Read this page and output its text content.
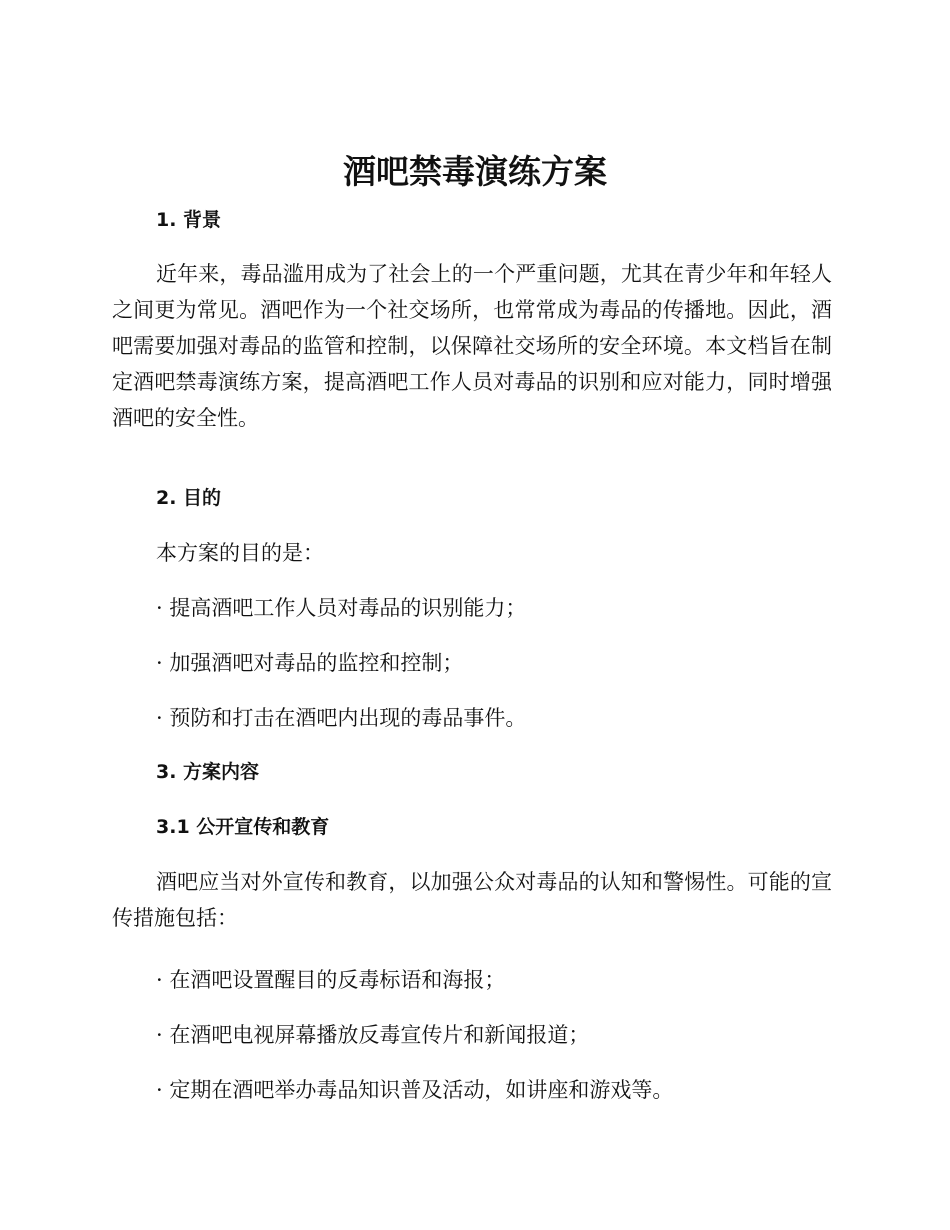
酒吧禁毒演练方案
1. 背景

近年来，毒品滥用成为了社会上的一个严重问题，尤其在青少年和年轻人之间更为常见。酒吧作为一个社交场所，也常常成为毒品的传播地。因此，酒吧需要加强对毒品的监管和控制，以保障社交场所的安全环境。本文档旨在制定酒吧禁毒演练方案，提高酒吧工作人员对毒品的识别和应对能力，同时增强酒吧的安全性。

2. 目的

本方案的目的是：

· 提高酒吧工作人员对毒品的识别能力；

· 加强酒吧对毒品的监控和控制；

· 预防和打击在酒吧内出现的毒品事件。

3. 方案内容
3.1 公开宣传和教育

酒吧应当对外宣传和教育，以加强公众对毒品的认知和警惕性。可能的宣传措施包括：

· 在酒吧设置醒目的反毒标语和海报；

· 在酒吧电视屏幕播放反毒宣传片和新闻报道；

· 定期在酒吧举办毒品知识普及活动，如讲座和游戏等。
